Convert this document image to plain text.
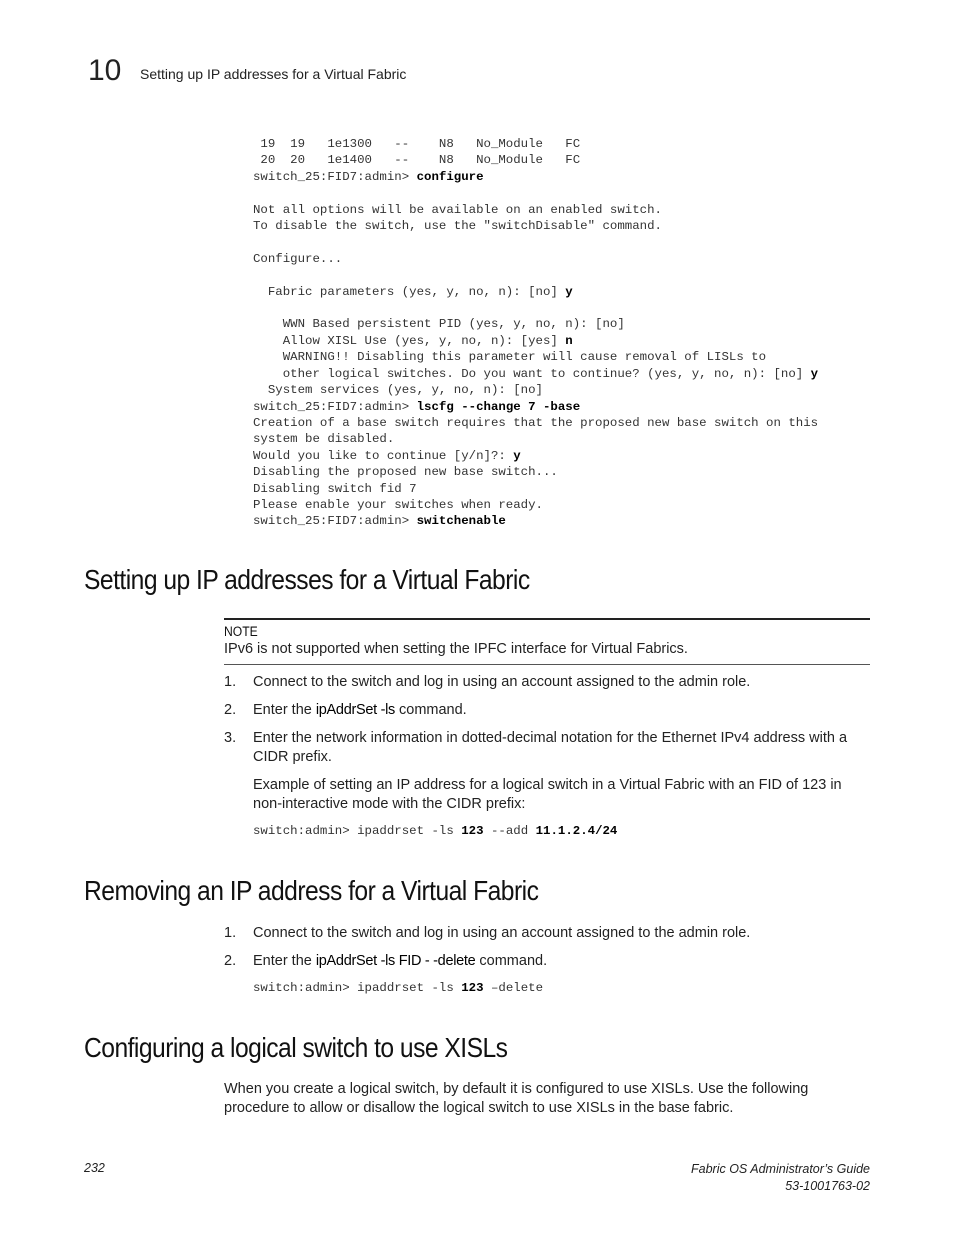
10 Setting up IP addresses for a Virtual Fabric
19  19   1e1300   --    N8   No_Module   FC
20  20   1e1400   --    N8   No_Module   FC
switch_25:FID7:admin> configure

Not all options will be available on an enabled switch.
To disable the switch, use the "switchDisable" command.

Configure...

Fabric parameters (yes, y, no, n): [no] y

WWN Based persistent PID (yes, y, no, n): [no]
Allow XISL Use (yes, y, no, n): [yes] n
WARNING!! Disabling this parameter will cause removal of LISLs to
other logical switches. Do you want to continue? (yes, y, no, n): [no] y
System services (yes, y, no, n): [no]
switch_25:FID7:admin> lscfg --change 7 -base
Creation of a base switch requires that the proposed new base switch on this
system be disabled.
Would you like to continue [y/n]?: y
Disabling the proposed new base switch...
Disabling switch fid 7
Please enable your switches when ready.
switch_25:FID7:admin> switchenable
Setting up IP addresses for a Virtual Fabric
NOTE
IPv6 is not supported when setting the IPFC interface for Virtual Fabrics.
1. Connect to the switch and log in using an account assigned to the admin role.
2. Enter the ipAddrSet -ls command.
3. Enter the network information in dotted-decimal notation for the Ethernet IPv4 address with a CIDR prefix.
Example of setting an IP address for a logical switch in a Virtual Fabric with an FID of 123 in non-interactive mode with the CIDR prefix:
switch:admin> ipaddrset -ls 123 --add 11.1.2.4/24
Removing an IP address for a Virtual Fabric
1. Connect to the switch and log in using an account assigned to the admin role.
2. Enter the ipAddrSet -ls FID - -delete command.
switch:admin> ipaddrset -ls 123 –delete
Configuring a logical switch to use XISLs
When you create a logical switch, by default it is configured to use XISLs. Use the following procedure to allow or disallow the logical switch to use XISLs in the base fabric.
232	Fabric OS Administrator’s Guide
53-1001763-02
